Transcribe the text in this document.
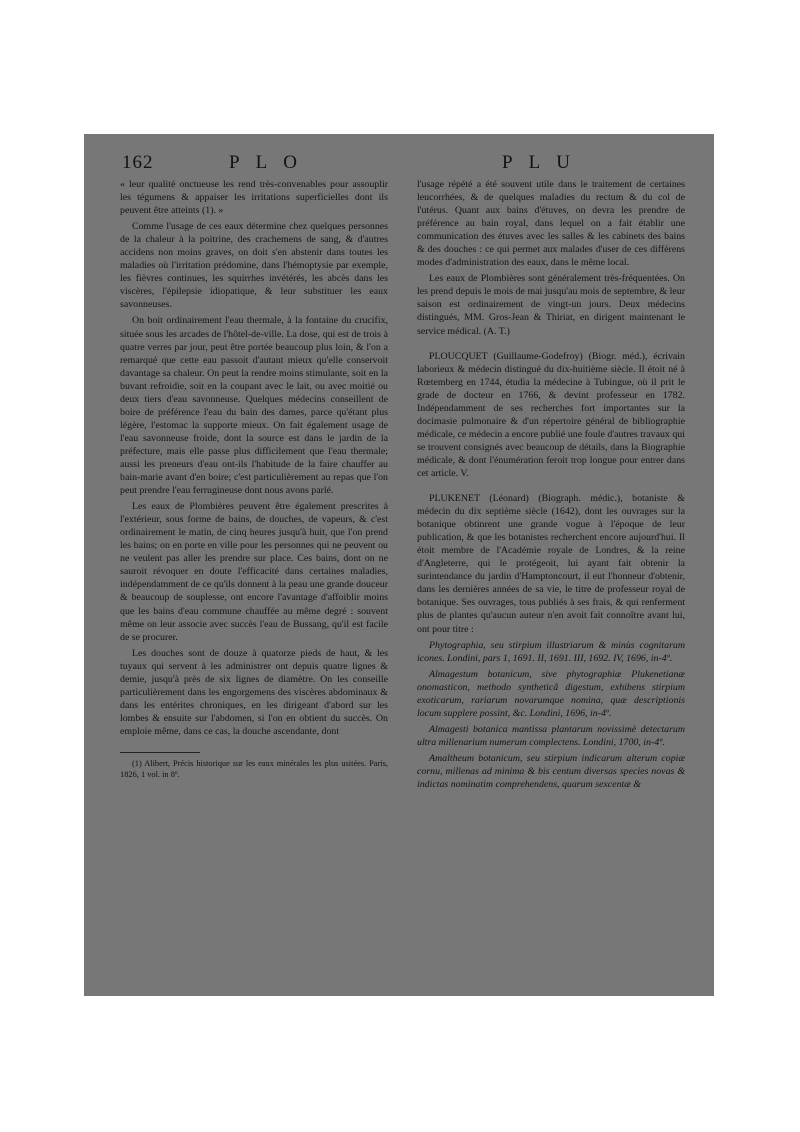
162	P L O	P L U

« leur qualité onctueuse les rend très-convenables pour assouplir les tégumens & appaiser les irritations superficielles dont ils peuvent être atteints (1). »

Comme l'usage de ces eaux détermine chez quelques personnes de la chaleur à la poitrine, des crachemens de sang, & d'autres accidens non moins graves, on doit s'en abstenir dans toutes les maladies où l'irritation prédomine, dans l'hémoptysie par exemple, les fièvres continues, les squirrhes invétérés, les abcès dans les viscères, l'épilepsie idiopatique, & leur substituer les eaux savonneuses.

On boit ordinairement l'eau thermale, à la fontaine du crucifix, située sous les arcades de l'hôtel-de-ville. La dose, qui est de trois à quatre verres par jour, peut être portée beaucoup plus loin, & l'on a remarqué que cette eau passoit d'autant mieux qu'elle conservoit davantage sa chaleur. On peut la rendre moins stimulante, soit en la buvant refroidie, soit en la coupant avec le lait, ou avec moitié ou deux tiers d'eau savonneuse. Quelques médecins conseillent de boire de préférence l'eau du bain des dames, parce qu'étant plus légère, l'estomac la supporte mieux. On fait également usage de l'eau savonneuse froide, dont la source est dans le jardin de la préfecture, mais elle passe plus difficilement que l'eau thermale; aussi les preneurs d'eau ont-ils l'habitude de la faire chauffer au bain-marie avant d'en boire; c'est particulièrement au repas que l'on peut prendre l'eau ferrugineuse dont nous avons parlé.

Les eaux de Plombières peuvent être également prescrites à l'extérieur, sous forme de bains, de douches, de vapeurs, & c'est ordinairement le matin, de cinq heures jusqu'à huit, que l'on prend les bains; on en porte en ville pour les personnes qui ne peuvent ou ne veulent pas aller les prendre sur place. Ces bains, dont on ne sauroit révoquer en doute l'efficacité dans certaines maladies, indépendamment de ce qu'ils donnent à la peau une grande douceur & beaucoup de souplesse, ont encore l'avantage d'affoiblir moins que les bains d'eau commune chauffée au même degré : souvent même on leur associe avec succès l'eau de Bussang, qu'il est facile de se procurer.

Les douches sont de douze à quatorze pieds de haut, & les tuyaux qui servent à les administrer ont depuis quatre lignes & demie, jusqu'à près de six lignes de diamètre. On les conseille particulièrement dans les engorgemens des viscères abdominaux & dans les entérites chroniques, en les dirigeant d'abord sur les lombes & ensuite sur l'abdomen, si l'on en obtient du succès. On emploie même, dans ce cas, la douche ascendante, dont

(1) Alibert, Précis historique sur les eaux minérales les plus usitées. Paris, 1826, 1 vol. in 8º.

l'usage répété a été souvent utile dans le traitement de certaines leucorrhées, & de quelques maladies du rectum & du col de l'utérus. Quant aux bains d'étuves, on devra les prendre de préférence au bain royal, dans lequel on a fait établir une communication des étuves avec les salles & les cabinets des bains & des douches : ce qui permet aux malades d'user de ces différens modes d'administration des eaux, dans le même local.

Les eaux de Plombières sont généralement très-fréquentées. On les prend depuis le mois de mai jusqu'au mois de septembre, & leur saison est ordinairement de vingt-un jours. Deux médecins distingués, MM. Gros-Jean & Thiriat, en dirigent maintenant le service médical. (A. T.)

PLOUCQUET (Guillaume-Godefroy) (Biogr. méd.), écrivain laborieux & médecin distingué du dix-huitième siècle. Il étoit né à Rœtemberg en 1744, étudia la médecine à Tubingue, où il prit le grade de docteur en 1766, & devint professeur en 1782. Indépendamment de ses recherches fort importantes sur la docimasie pulmonaire & d'un répertoire général de bibliographie médicale, ce médecin a encore publié une foule d'autres travaux qui se trouvent consignés avec beaucoup de détails, dans la Biographie médicale, & dont l'énumération feroit trop longue pour entrer dans cet article. V.

PLUKENET (Léonard) (Biograph. médic.), botaniste & médecin du dix septième siècle (1642), dont les ouvrages sur la botanique obtinrent une grande vogue à l'époque de leur publication, & que les botanistes recherchent encore aujourd'hui. Il étoit membre de l'Académie royale de Londres, & la reine d'Angleterre, qui le protégeoit, lui ayant fait obtenir la surintendance du jardin d'Hamptoncourt, il eut l'honneur d'obtenir, dans les dernières années de sa vie, le titre de professeur royal de botanique. Ses ouvrages, tous publiés à ses frais, & qui renferment plus de plantes qu'aucun auteur n'en avoit fait connoître avant lui, ont pour titre :

Phytographia, seu stirpium illustriarum & minùs cognitarum icones. Londini, pars 1, 1691. II, 1691. III, 1692. IV, 1696, in-4º.

Almagestum botanicum, sive phytographiæ Plukenetianæ onomasticon, methodo syntheticâ digestum, exhibens stirpium exoticarum, rariarum novarumque nomina, quæ descriptionis locum supplere possint, &c. Londini, 1696, in-4º.

Almagesti botanica mantissa plantarum novissimè detectarum ultra millenarium numerum complectens. Londini, 1700, in-4º.

Amaltheum botanicum, seu stirpium indicarum alterum copiæ cornu, millenas ad minima & bis centum diversas species novas & indictas nominatim comprehendens, quarum sexcentæ &
